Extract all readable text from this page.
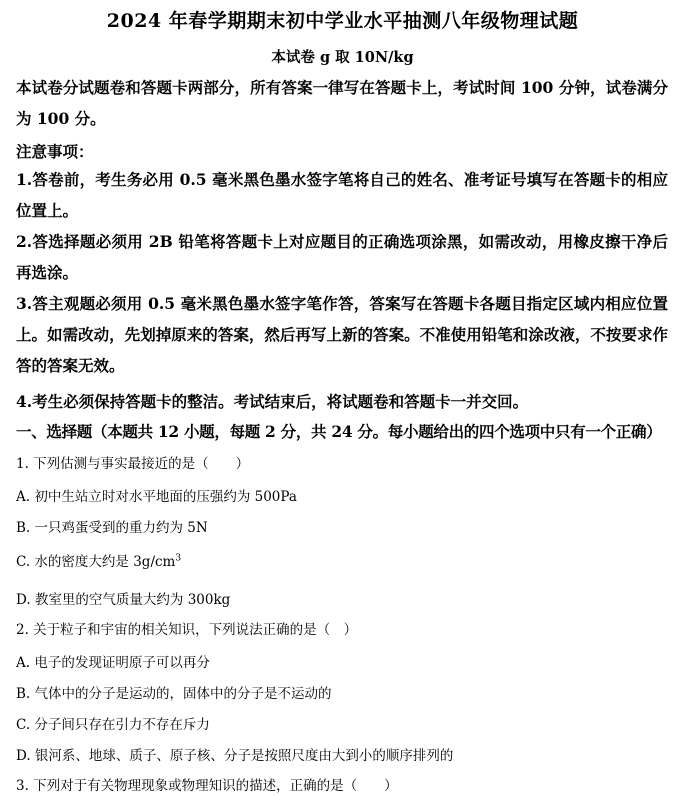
2024 年春学期期末初中学业水平抽测八年级物理试题
本试卷 g 取 10N/kg
本试卷分试题卷和答题卡两部分，所有答案一律写在答题卡上，考试时间 100 分钟，试卷满分为 100 分。
注意事项：
1.答卷前，考生务必用 0.5 毫米黑色墨水签字笔将自己的姓名、准考证号填写在答题卡的相应位置上。
2.答选择题必须用 2B 铅笔将答题卡上对应题目的正确选项涂黑，如需改动，用橡皮擦干净后再选涂。
3.答主观题必须用 0.5 毫米黑色墨水签字笔作答，答案写在答题卡各题目指定区域内相应位置上。如需改动，先划掉原来的答案，然后再写上新的答案。不准使用铅笔和涂改液，不按要求作答的答案无效。
4.考生必须保持答题卡的整洁。考试结束后，将试题卷和答题卡一并交回。
一、选择题（本题共 12 小题，每题 2 分，共 24 分。每小题给出的四个选项中只有一个正确）
1. 下列估测与事实最接近的是（　　）
A. 初中生站立时对水平地面的压强约为 500Pa
B. 一只鸡蛋受到的重力约为 5N
C. 水的密度大约是 $3g/cm^3$
D. 教室里的空气质量大约为 300kg
2. 关于粒子和宇宙的相关知识，下列说法正确的是（　）
A. 电子的发现证明原子可以再分
B. 气体中的分子是运动的，固体中的分子是不运动的
C. 分子间只存在引力不存在斥力
D. 银河系、地球、质子、原子核、分子是按照尺度由大到小的顺序排列的
3. 下列对于有关物理现象或物理知识的描述，正确的是（　　）
